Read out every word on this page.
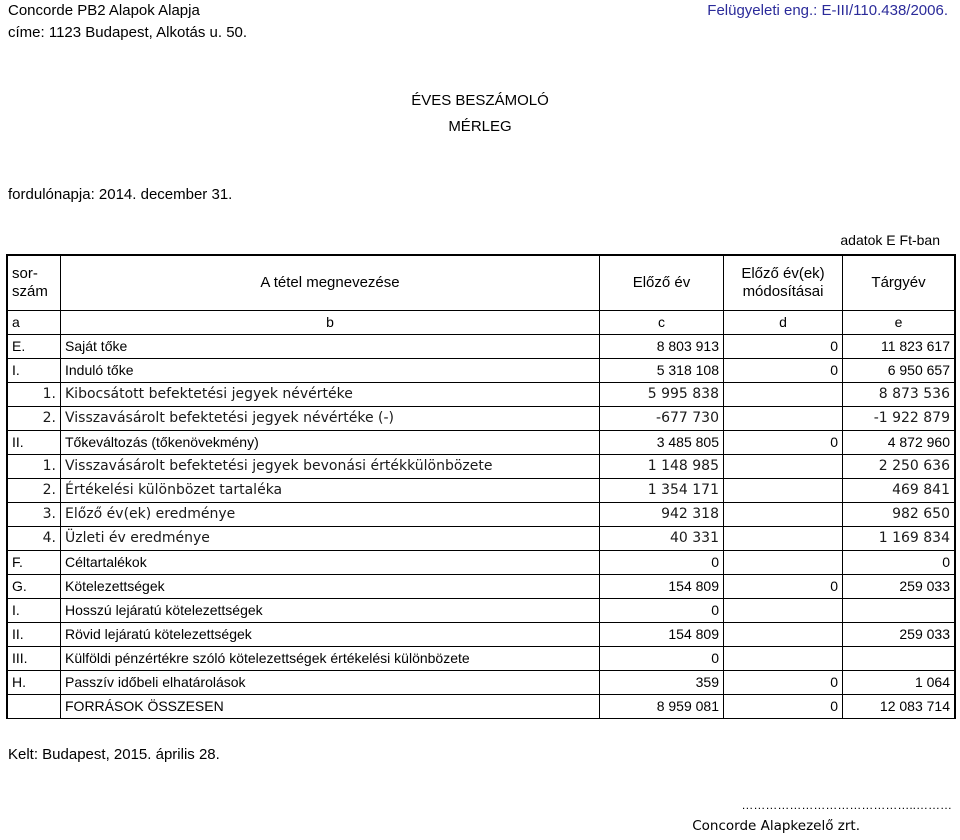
Concorde PB2 Alapok Alapja
címe: 1123 Budapest, Alkotás u. 50.
Felügyeleti eng.: E-III/110.438/2006.
ÉVES BESZÁMOLÓ
MÉRLEG
fordulónapja: 2014. december 31.
adatok E Ft-ban
sor-
szám	A tétel megnevezése	Előző év	Előző év(ek)
módosításai	Tárgyév
a	b	c	d	e
E.	Saját tőke	8 803 913	0	11 823 617
I.	Induló tőke	5 318 108	0	6 950 657
1.	Kibocsátott befektetési jegyek névértéke	5 995 838		8 873 536
2.	Visszavásárolt befektetési jegyek névértéke (-)	-677 730		-1 922 879
II.	Tőkeváltozás (tőkenövekmény)	3 485 805	0	4 872 960
1.	Visszavásárolt befektetési jegyek bevonási értékkülönbözete	1 148 985		2 250 636
2.	Értékelési különbözet tartaléka	1 354 171		469 841
3.	Előző év(ek) eredménye	942 318		982 650
4.	Üzleti év eredménye	40 331		1 169 834
F.	Céltartalékok	0		0
G.	Kötelezettségek	154 809	0	259 033
I.	Hosszú lejáratú kötelezettségek	0		
II.	Rövid lejáratú kötelezettségek	154 809		259 033
III.	Külföldi pénzértékre szóló kötelezettségek értékelési különbözete	0		
H.	Passzív időbeli elhatárolások	359	0	1 064
	FORRÁSOK ÖSSZESEN	8 959 081	0	12 083 714
Kelt: Budapest, 2015. április 28.
……………………………………..………
Concorde Alapkezelő zrt.
